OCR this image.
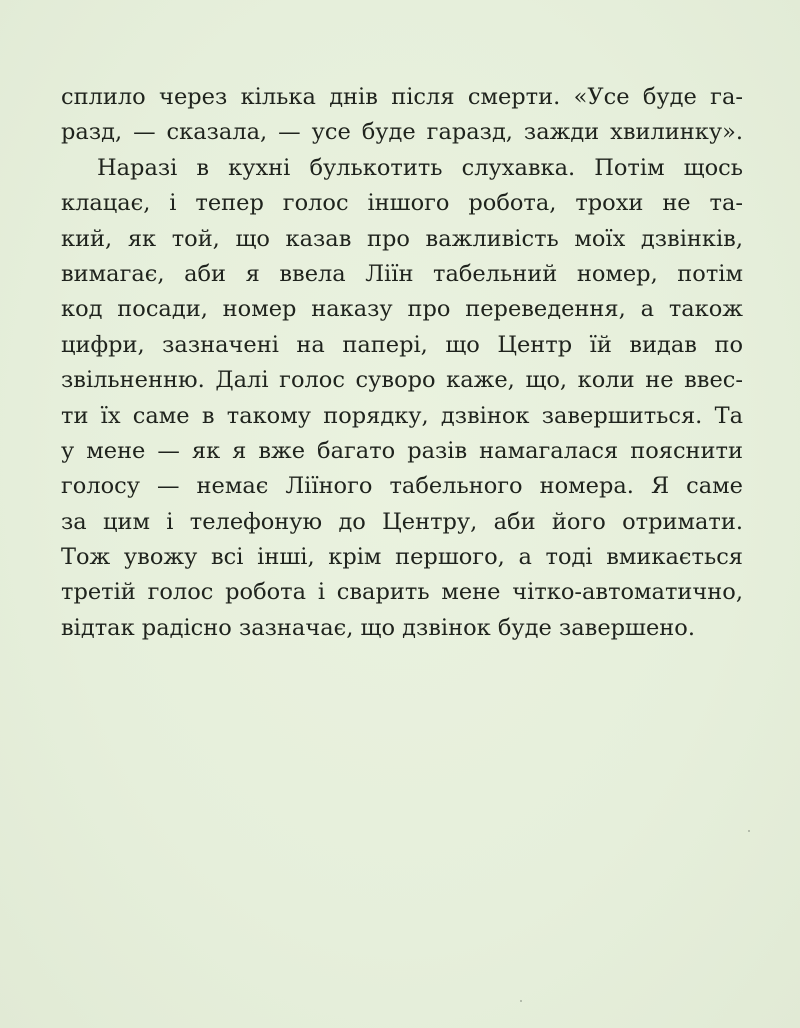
сплило через кілька днів після смерти. «Усе буде га-
разд, — сказала, — усе буде гаразд, зажди хвилинку».
Наразі в кухні булькотить слухавка. Потім щось
клацає, і тепер голос іншого робота, трохи не та-
кий, як той, що казав про важливість моїх дзвінків,
вимагає, аби я ввела Ліїн табельний номер, потім
код посади, номер наказу про переведення, а також
цифри, зазначені на папері, що Центр їй видав по
звільненню. Далі голос суворо каже, що, коли не ввес-
ти їх саме в такому порядку, дзвінок завершиться. Та
у мене — як я вже багато разів намагалася пояснити
голосу — немає Ліїного табельного номера. Я саме
за цим і телефоную до Центру, аби його отримати.
Тож увожу всі інші, крім першого, а тоді вмикається
третій голос робота і сварить мене чітко-автоматично,
відтак радісно зазначає, що дзвінок буде завершено.
